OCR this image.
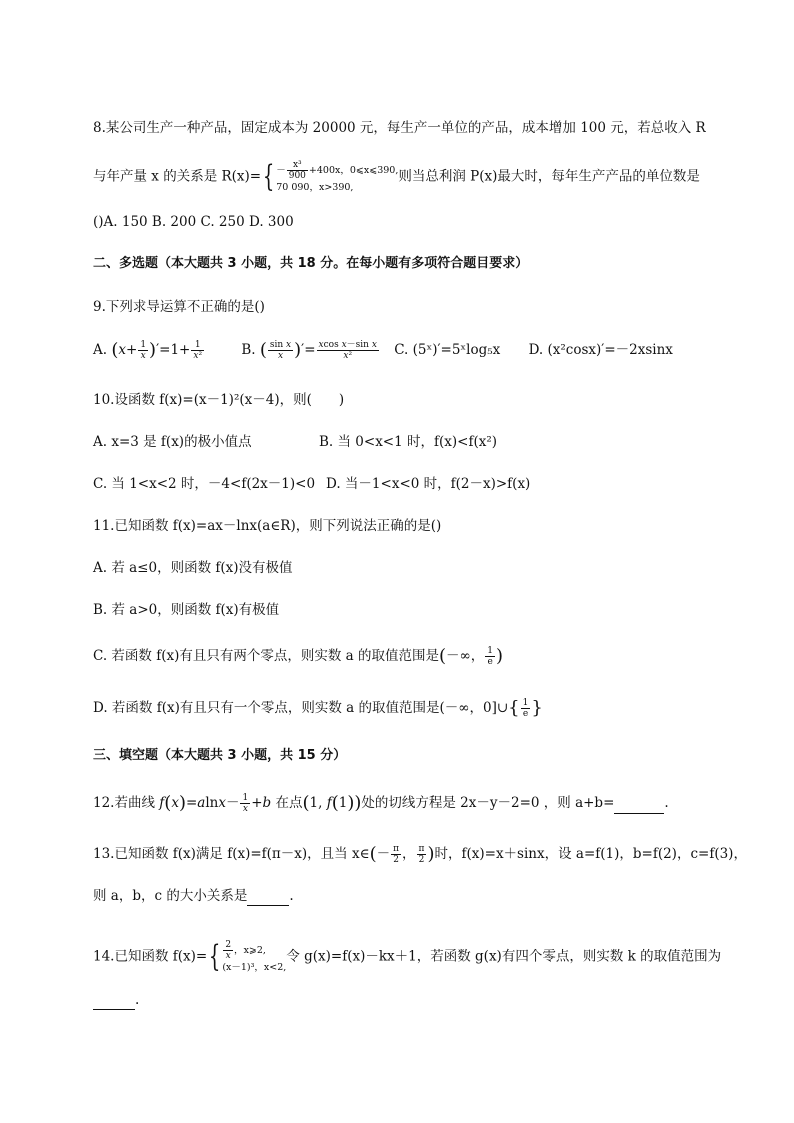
8.某公司生产一种产品，固定成本为 20000 元，每生产一单位的产品，成本增加 100 元，若总收入 R
与年产量 x 的关系是 $R(x)=\{ - \frac{\text{x³}}{900} +400x$，0⩽x⩽390,
70 090，x>390,
则当总利润 P(x)最大时，每年生产产品的单位数是
()A. 150 B. 200 C. 250 D. 300
二、多选题（本大题共 3 小题，共 18 分。在每小题有多项符合题目要求）
9.下列求导运算不正确的是()
A. $(x+ \frac{1}{x} )'=1+ \frac{1}{\text{x²}}$	B. ( $\frac{\text{sin x}}{x}$ )′= $\frac{\text{xcos x－sin x}}{\text{x²}} C$. (5ˣ)′=5ˣlog₅x D. (x²cosx)′=－2xsinx
10.设函数 f(x)=(x－1)²(x－4)，则(　　)
A. x=3 是 f(x)的极小值点	B. 当 0<x<1 时，f(x)<f(x²)
C. 当 1<x<2 时，－4<f(2x－1)<0 D. 当－1<x<0 时，f(2－x)>f(x)
11.已知函数 f(x)=ax－lnx(a∈R)，则下列说法正确的是()
A. 若 a≤0，则函数 f(x)没有极值
B. 若 a>0，则函数 f(x)有极值
C. 若函数 f(x)有且只有两个零点，则实数 a 的取值范围是(－∞， $\frac{1}{e}$ )
D. 若函数 f(x)有且只有一个零点，则实数 a 的取值范围是(－∞，0]∪{ $\frac{1}{e}$ }
三、填空题（本大题共 3 小题，共 15 分）
12.若曲线 $f(x)=alnx- \frac{1}{x} +b$ 在点(1, f(1))处的切线方程是 2x－y－2=0 ，则 a+b=	.
13.已知函数 f(x)满足 f(x)=f(π－x)，且当 x∈(－ $\frac{\pi}{2}$ ， $\frac{\pi}{2}$ )时，f(x)=x＋sinx，设 a=f(1)，b=f(2)，c=f(3)，
则 a，b，c 的大小关系是	.
14.已知函数 $f(x)=\{ \frac{2}{x}$ ，x⩾2,
(x－1)³，x<2,
令 g(x)=f(x)－kx＋1，若函数 g(x)有四个零点，则实数 k 的取值范围为
.
